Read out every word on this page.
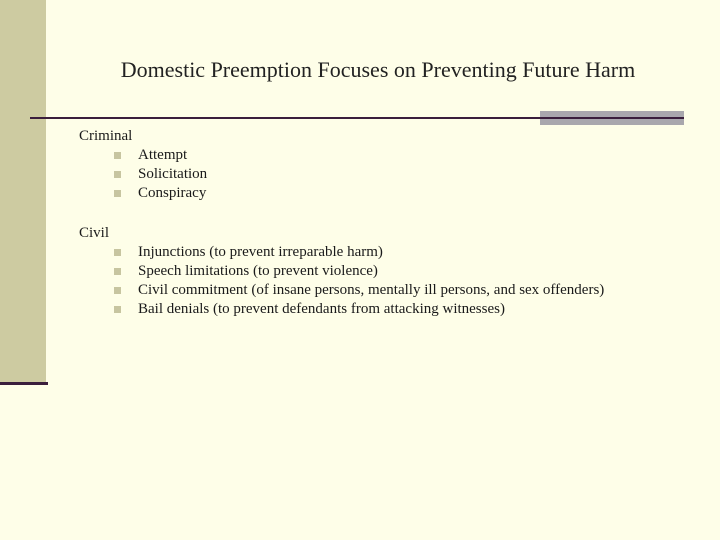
Domestic Preemption Focuses on Preventing Future Harm
Criminal
Attempt
Solicitation
Conspiracy
Civil
Injunctions (to prevent irreparable harm)
Speech limitations (to prevent violence)
Civil commitment (of insane persons, mentally ill persons, and sex offenders)
Bail denials (to prevent defendants from attacking witnesses)
